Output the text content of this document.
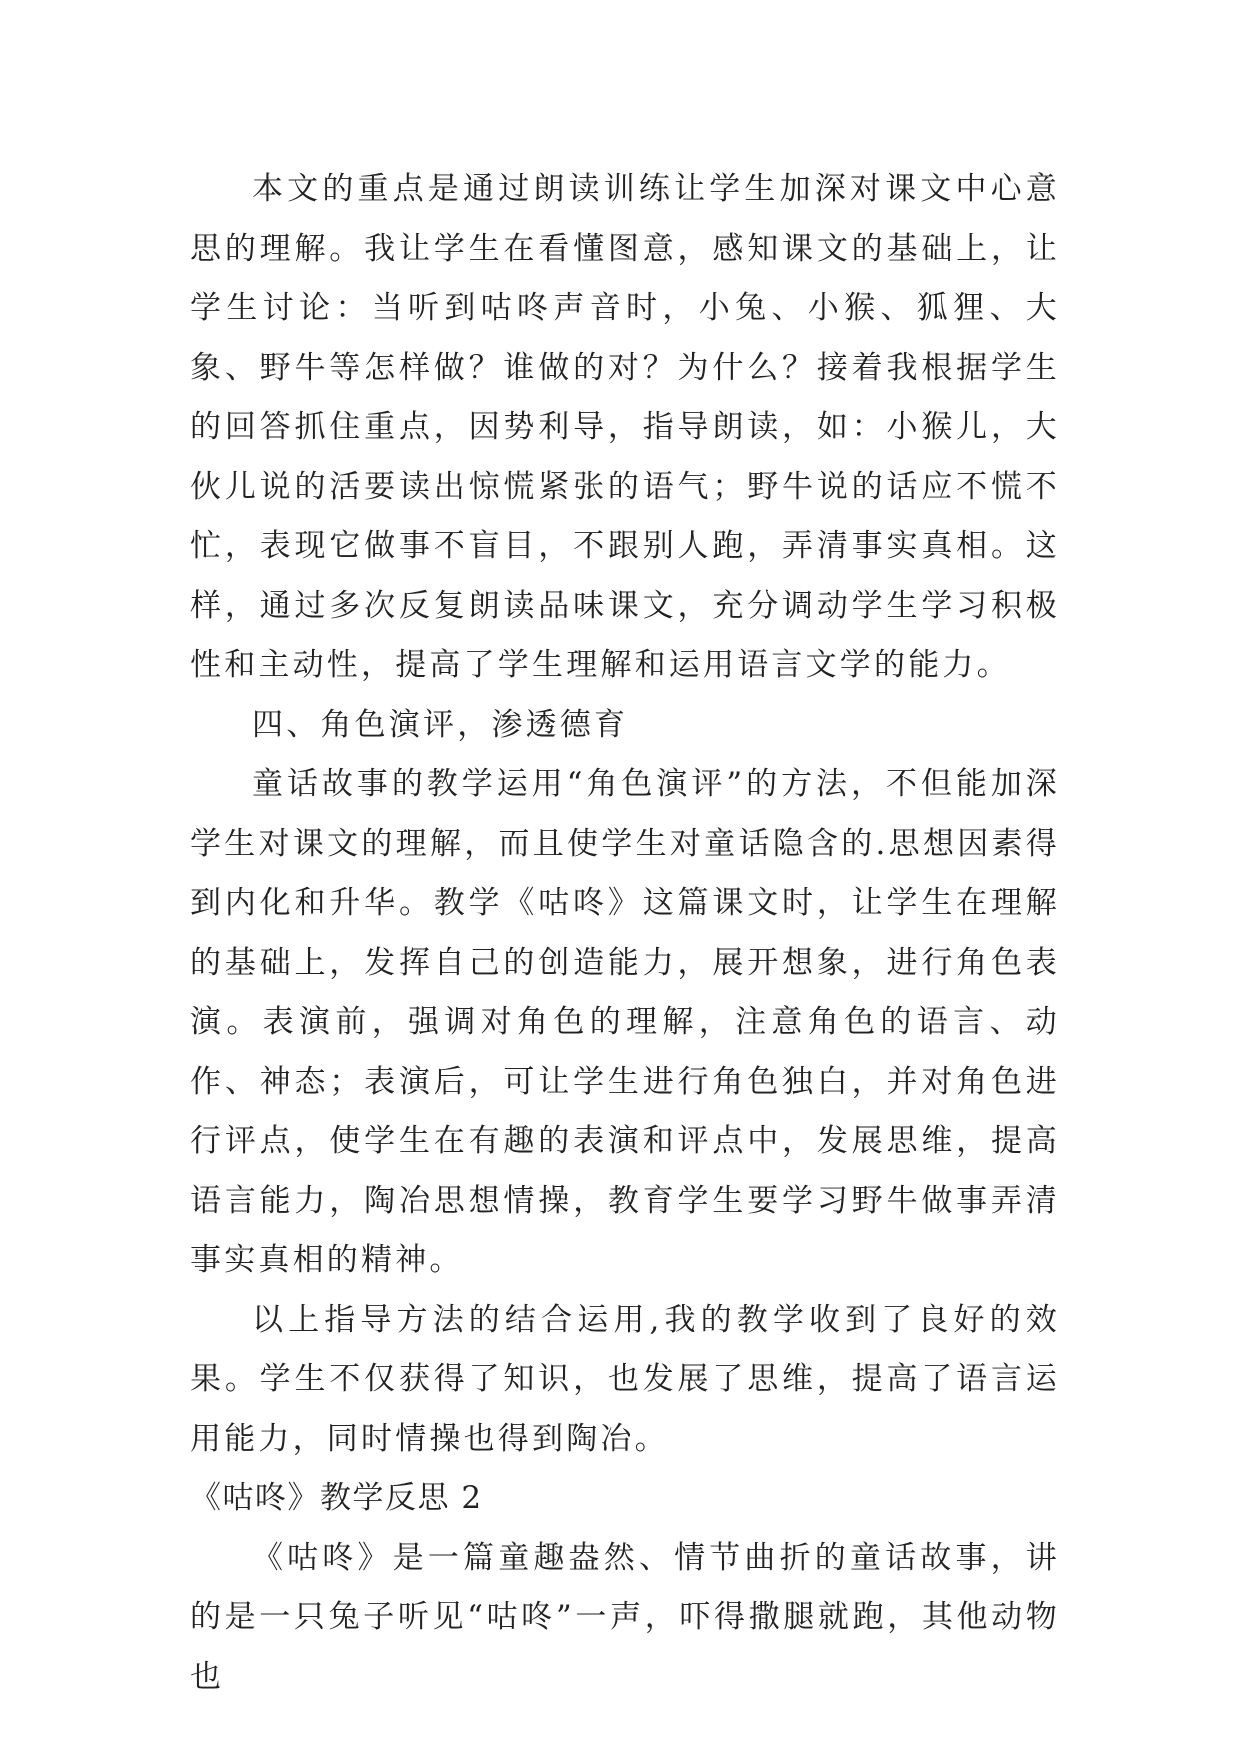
本文的重点是通过朗读训练让学生加深对课文中心意思的理解。我让学生在看懂图意，感知课文的基础上，让学生讨论：当听到咕咚声音时，小兔、小猴、狐狸、大象、野牛等怎样做？谁做的对？为什么？接着我根据学生的回答抓住重点，因势利导，指导朗读，如：小猴儿，大伙儿说的活要读出惊慌紧张的语气；野牛说的话应不慌不忙，表现它做事不盲目，不跟别人跑，弄清事实真相。这样，通过多次反复朗读品味课文，充分调动学生学习积极性和主动性，提高了学生理解和运用语言文学的能力。

四、角色演评，渗透德育

童话故事的教学运用“角色演评”的方法，不但能加深学生对课文的理解，而且使学生对童话隐含的.思想因素得到内化和升华。教学《咕咚》这篇课文时，让学生在理解的基础上，发挥自己的创造能力，展开想象，进行角色表演。表演前，强调对角色的理解，注意角色的语言、动作、神态；表演后，可让学生进行角色独白，并对角色进行评点，使学生在有趣的表演和评点中，发展思维，提高语言能力，陶冶思想情操，教育学生要学习野牛做事弄清事实真相的精神。

以上指导方法的结合运用,我的教学收到了良好的效果。学生不仅获得了知识，也发展了思维，提高了语言运用能力，同时情操也得到陶冶。

《咕咚》教学反思 2

《咕咚》是一篇童趣盎然、情节曲折的童话故事，讲的是一只兔子听见“咕咚”一声，吓得撒腿就跑，其他动物也
